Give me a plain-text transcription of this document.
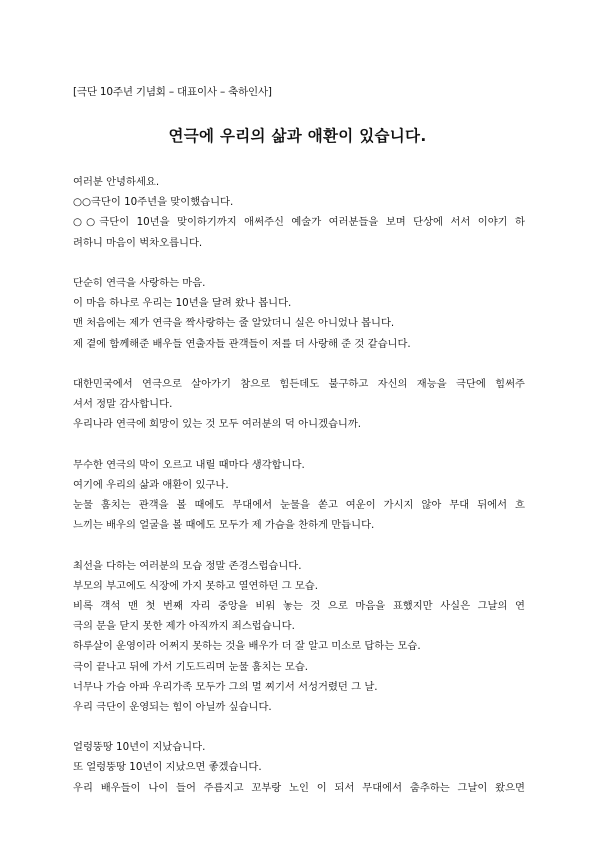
[극단 10주년 기념회 – 대표이사 – 축하인사]
연극에 우리의 삶과 애환이 있습니다.
여러분 안녕하세요.
○○극단이 10주년을 맞이했습니다.
○○극단이 10년을 맞이하기까지 애써주신 예술가 여러분들을 보며 단상에 서서 이야기 하
려하니 마음이 벅차오릅니다.
단순히 연극을 사랑하는 마음.
이 마음 하나로 우리는 10년을 달려 왔나 봅니다.
맨 처음에는 제가 연극을 짝사랑하는 줄 알았더니 실은 아니었나 봅니다.
제 곁에 함께해준 배우들 연출자들 관객들이 저를 더 사랑해 준 것 같습니다.
대한민국에서 연극으로 살아가기 참으로 힘든데도 불구하고 자신의 재능을 극단에 힘써주
셔서 정말 감사합니다.
우리나라 연극에 희망이 있는 것 모두 여러분의 덕 아니겠습니까.
무수한 연극의 막이 오르고 내릴 때마다 생각합니다.
여기에 우리의 삶과 애환이 있구나.
눈물 훔치는 관객을 볼 때에도 무대에서 눈물을 쏟고 여운이 가시지 않아 무대 뒤에서 흐
느끼는 배우의 얼굴을 볼 때에도 모두가 제 가슴을 찬하게 만듭니다.
최선을 다하는 여러분의 모습 정말 존경스럽습니다.
부모의 부고에도 식장에 가지 못하고 열연하던 그 모습.
비록 객석 맨 첫 번째 자리 중앙을 비워 놓는 것 으로 마음을 표했지만 사실은 그날의 연
극의 문을 닫지 못한 제가 아직까지 죄스럽습니다.
하루살이 운영이라 어쩌지 못하는 것을 배우가 더 잘 알고 미소로 답하는 모습.
극이 끝나고 뒤에 가서 기도드리며 눈물 훔치는 모습.
너무나 가슴 아파 우리가족 모두가 그의 멀 찌기서 서성거렸던 그 날.
우리 극단이 운영되는 힘이 아닐까 싶습니다.
얼렁뚱땅 10년이 지났습니다.
또 얼렁뚱땅 10년이 지났으면 좋겠습니다.
우리 배우들이 나이 들어 주름지고 꼬부랑 노인 이 되서 무대에서 춤추하는 그날이 왔으면
